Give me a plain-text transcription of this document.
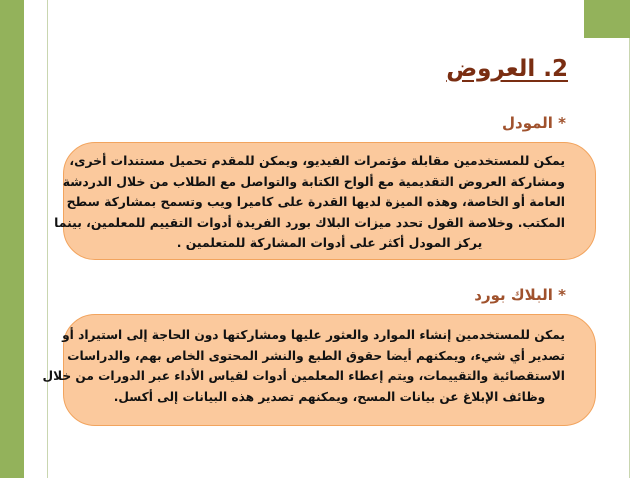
2. العروض
* المودل
يمكن للمستخدمين مقابلة مؤتمرات الفيديو، ويمكن للمقدم تحميل مستندات أخرى،
ومشاركة العروض التقديمية مع ألواح الكتابة والتواصل مع الطلاب من خلال الدردشة
العامة أو الخاصة، وهذه الميزة لديها القدرة على كاميرا ويب وتسمح بمشاركة سطح
المكتب. وخلاصة القول تحدد ميزات البلاك بورد الفريدة أدوات التقييم للمعلمين، بينما
يركز المودل أكثر على أدوات المشاركة للمتعلمين .
* البلاك بورد
يمكن للمستخدمين إنشاء الموارد والعثور عليها ومشاركتها دون الحاجة إلى استيراد أو
تصدير أي شيء، ويمكنهم أيضا حقوق الطبع والنشر المحتوى الخاص بهم، والدراسات
الاستقصائية والتقييمات، ويتم إعطاء المعلمين أدوات لقياس الأداء عبر الدورات من خلال
وظائف الإبلاغ عن بيانات المسح، ويمكنهم تصدير هذه البيانات إلى أكسل.
